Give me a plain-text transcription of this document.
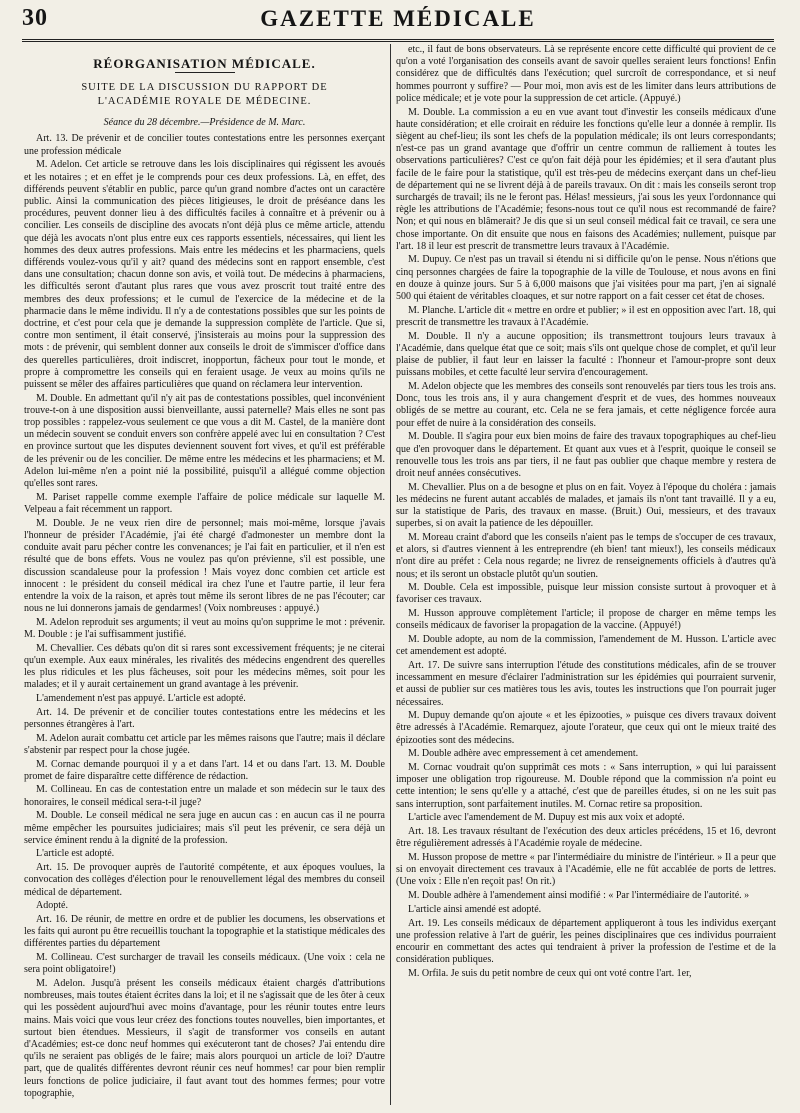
30	GAZETTE MÉDICALE
RÉORGANISATION MÉDICALE.
SUITE DE LA DISCUSSION DU RAPPORT DE L'ACADÉMIE ROYALE DE MÉDECINE.
Séance du 28 décembre.—Présidence de M. Marc.

Art. 13. De prévenir et de concilier toutes contestations entre les personnes exerçant une profession médicale

M. Adelon. Cet article se retrouve dans les lois disciplinaires qui régissent les avoués et les notaires ; et en effet je le comprends pour ces deux professions. Là, en effet, des différends peuvent s'établir en public, parce qu'un grand nombre d'actes ont un caractère public. Ainsi la communication des pièces litigieuses, le droit de préséance dans les procédures, peuvent donner lieu à des difficultés faciles à connaître et à prévenir ou à concilier. Les conseils de discipline des avocats n'ont déjà plus ce même article, attendu que déjà les avocats n'ont plus entre eux ces rapports essentiels, nécessaires, qui lient les hommes des deux autres professions. Mais entre les médecins et les pharmaciens, quels différends voulez-vous qu'il y ait? quand des médecins sont en rapport ensemble, c'est dans une consultation; chacun donne son avis, et voilà tout. De médecins à pharmaciens, les difficultés seront d'autant plus rares que vous avez proscrit tout traité entre des membres des deux professions; et le cumul de l'exercice de la médecine et de la pharmacie dans le même individu. Il n'y a de contestations possibles que sur les points de doctrine, et c'est pour cela que je demande la suppression complète de l'article. Que si, contre mon sentiment, il était conservé, j'insisterais au moins pour la suppression des mots : de prévenir, qui semblent donner aux conseils le droit de s'immiscer d'office dans des querelles particulières, droit indiscret, inopportun, fâcheux pour tout le monde, et propre à compromettre les conseils qui en feraient usage. Je veux au moins qu'ils ne puissent se mêler des affaires particulières que quand on réclamera leur intervention.

M. Double. En admettant qu'il n'y ait pas de contestations possibles, quel inconvénient trouve-t-on à une disposition aussi bienveillante, aussi paternelle? Mais elles ne sont pas trop possibles : rappelez-vous seulement ce que vous a dit M. Castel, de la manière dont un médecin souvent se conduit envers son confrère appelé avec lui en consultation ? C'est en province surtout que les disputes deviennent souvent fort vives, et qu'il est préférable de les prévenir ou de les concilier. De même entre les médecins et les pharmaciens; et M. Adelon lui-même n'en a point nié la possibilité, puisqu'il a allégué comme objection qu'elles sont rares.

M. Pariset rappelle comme exemple l'affaire de police médicale sur laquelle M. Velpeau a fait récemment un rapport.

M. Double. Je ne veux rien dire de personnel; mais moi-même, lorsque j'avais l'honneur de présider l'Académie, j'ai été chargé d'admonester un membre dont la conduite avait paru pécher contre les convenances; je l'ai fait en particulier, et il n'en est résulté que de bons effets. Vous ne voulez pas qu'on prévienne, s'il est possible, une discussion scandaleuse pour la profession ! Mais voyez donc combien cet article est innocent : le président du conseil médical ira chez l'une et l'autre partie, il leur fera entendre la voix de la raison, et après tout même ils seront libres de ne pas l'écouter; car nous ne lui donnerons jamais de gendarmes! (Voix nombreuses : appuyé.)

M. Adelon reproduit ses arguments; il veut au moins qu'on supprime le mot : prévenir. M. Double : je l'ai suffisamment justifié.

M. Chevallier. Ces débats qu'on dit si rares sont excessivement fréquents; je ne citerai qu'un exemple. Aux eaux minérales, les rivalités des médecins engendrent des querelles les plus ridicules et les plus fâcheuses, soit pour les médecins mêmes, soit pour les malades; et il y aurait certainement un grand avantage à les prévenir.

L'amendement n'est pas appuyé. L'article est adopté.

Art. 14. De prévenir et de concilier toutes contestations entre les médecins et les personnes étrangères à l'art.

M. Adelon aurait combattu cet article par les mêmes raisons que l'autre; mais il déclare s'abstenir par respect pour la chose jugée.

M. Cornac demande pourquoi il y a et dans l'art. 14 et ou dans l'art. 13. M. Double promet de faire disparaître cette différence de rédaction.

M. Collineau. En cas de contestation entre un malade et son médecin sur le taux des honoraires, le conseil médical sera-t-il juge?

M. Double. Le conseil médical ne sera juge en aucun cas : en aucun cas il ne pourra même empêcher les poursuites judiciaires; mais s'il peut les prévenir, ce sera déjà un service éminent rendu à la dignité de la profession.

L'article est adopté.

Art. 15. De provoquer auprès de l'autorité compétente, et aux époques voulues, la convocation des collèges d'élection pour le renouvellement légal des membres du conseil médical de département.

Adopté.

Art. 16. De réunir, de mettre en ordre et de publier les documens, les observations et les faits qui auront pu être recueillis touchant la topographie et la statistique médicales des différentes parties du département

M. Collineau. C'est surcharger de travail les conseils médicaux. (Une voix : cela ne sera point obligatoire!)

M. Adelon. Jusqu'à présent les conseils médicaux étaient chargés d'attributions nombreuses, mais toutes étaient écrites dans la loi; et il ne s'agissait que de les ôter à ceux qui les possèdent aujourd'hui avec moins d'avantage, pour les réunir toutes entre leurs mains. Mais voici que vous leur créez des fonctions toutes nouvelles, bien importantes, et surtout bien étendues. Messieurs, il s'agit de transformer vos conseils en autant d'Académies; est-ce donc neuf hommes qui exécuteront tant de choses? J'ai entendu dire qu'ils ne seraient pas obligés de le faire; mais alors pourquoi un article de loi? D'autre part, que de qualités différentes devront réunir ces neuf hommes! car pour bien remplir leurs fonctions de police judiciaire, il faut avant tout des hommes fermes; pour votre topographie,

etc., il faut de bons observateurs. Là se représente encore cette difficulté qui provient de ce qu'on a voté l'organisation des conseils avant de savoir quelles seraient leurs fonctions! Enfin considérez que de difficultés dans l'exécution; quel surcroît de correspondance, et si neuf hommes pourront y suffire? — Pour moi, mon avis est de les limiter dans leurs attributions de police médicale; et je vote pour la suppression de cet article. (Appuyé.)

M. Double. La commission a eu en vue avant tout d'investir les conseils médicaux d'une haute considération; et elle croirait en réduire les fonctions qu'elle leur a donnée à remplir. Ils siègent au chef-lieu; ils sont les chefs de la population médicale; ils ont leurs correspondants; n'est-ce pas un grand avantage que d'offrir un centre commun de ralliement à toutes les observations particulières? C'est ce qu'on fait déjà pour les épidémies; et il sera d'autant plus facile de le faire pour la statistique, qu'il est très-peu de médecins exerçant dans un chef-lieu de département qui ne se livrent déjà à de pareils travaux. On dit : mais les conseils seront trop surchargés de travail; ils ne le feront pas. Hélas! messieurs, j'ai sous les yeux l'ordonnance qui règle les attributions de l'Académie; fesons-nous tout ce qu'il nous est recommandé de faire? Non; et qui nous en blâmerait? Je dis que si un seul conseil médical fait ce travail, ce sera une chose importante. On dit ensuite que nous en faisons des Académies; nullement, puisque par l'art. 18 il leur est prescrit de transmettre leurs travaux à l'Académie.

M. Dupuy. Ce n'est pas un travail si étendu ni si difficile qu'on le pense. Nous n'étions que cinq personnes chargées de faire la topographie de la ville de Toulouse, et nous avons en fini en douze à quinze jours. Sur 5 à 6,000 maisons que j'ai visitées pour ma part, j'en ai signalé 500 qui étaient de véritables cloaques, et sur notre rapport on a fait cesser cet état de choses.

M. Planche. L'article dit « mettre en ordre et publier; » il est en opposition avec l'art. 18, qui prescrit de transmettre les travaux à l'Académie.

M. Double. Il n'y a aucune opposition; ils transmettront toujours leurs travaux à l'Académie, dans quelque état que ce soit; mais s'ils ont quelque chose de complet, et qu'il leur plaise de publier, il faut leur en laisser la faculté : l'honneur et l'amour-propre sont deux puissans mobiles, et cette faculté leur servira d'encouragement.

M. Adelon objecte que les membres des conseils sont renouvelés par tiers tous les trois ans. Donc, tous les trois ans, il y aura changement d'esprit et de vues, des hommes nouveaux obligés de se mettre au courant, etc. Cela ne se fera jamais, et cette négligence forcée aura pour effet de nuire à la considération des conseils.

M. Double. Il s'agira pour eux bien moins de faire des travaux topographiques au chef-lieu que d'en provoquer dans le département. Et quant aux vues et à l'esprit, quoique le conseil se renouvelle tous les trois ans par tiers, il ne faut pas oublier que chaque membre y restera de droit neuf années consécutives.

M. Chevallier. Plus on a de besogne et plus on en fait. Voyez à l'époque du choléra : jamais les médecins ne furent autant accablés de malades, et jamais ils n'ont tant travaillé. Il y a eu, sur la statistique de Paris, des travaux en masse. (Bruit.) Oui, messieurs, et des travaux superbes, si on avait la patience de les dépouiller.

M. Moreau craint d'abord que les conseils n'aient pas le temps de s'occuper de ces travaux, et alors, si d'autres viennent à les entreprendre (eh bien! tant mieux!), les conseils médicaux n'ont dire au préfet : Cela nous regarde; ne livrez de renseignements officiels à d'autres qu'à nous; et ils seront un obstacle plutôt qu'un soutien.

M. Double. Cela est impossible, puisque leur mission consiste surtout à provoquer et à favoriser ces travaux.

M. Husson approuve complètement l'article; il propose de charger en même temps les conseils médicaux de favoriser la propagation de la vaccine. (Appuyé!)

M. Double adopte, au nom de la commission, l'amendement de M. Husson. L'article avec cet amendement est adopté.

Art. 17. De suivre sans interruption l'étude des constitutions médicales, afin de se trouver incessamment en mesure d'éclairer l'administration sur les épidémies qui pourraient survenir, et aussi de publier sur ces matières tous les avis, toutes les instructions que l'on pourrait juger nécessaires.

M. Dupuy demande qu'on ajoute « et les épizooties, » puisque ces divers travaux doivent être adressés à l'Académie. Remarquez, ajoute l'orateur, que ceux qui ont le mieux traité des épizooties sont des médecins.

M. Double adhère avec empressement à cet amendement.

M. Cornac voudrait qu'on supprimât ces mots : « Sans interruption, » qui lui paraissent imposer une obligation trop rigoureuse. M. Double répond que la commission n'a point eu cette intention; le sens qu'elle y a attaché, c'est que de pareilles études, si on ne les suit pas sans interruption, sont parfaitement inutiles. M. Cornac retire sa proposition.

L'article avec l'amendement de M. Dupuy est mis aux voix et adopté.

Art. 18. Les travaux résultant de l'exécution des deux articles précédens, 15 et 16, devront être régulièrement adressés à l'Académie royale de médecine.

M. Husson propose de mettre « par l'intermédiaire du ministre de l'intérieur. » Il a peur que si on envoyait directement ces travaux à l'Académie, elle ne fût accablée de ports de lettres. (Une voix : Elle n'en reçoit pas! On rit.)

M. Double adhère à l'amendement ainsi modifié : « Par l'intermédiaire de l'autorité. »

L'article ainsi amendé est adopté.

Art. 19. Les conseils médicaux de département appliqueront à tous les individus exerçant une profession relative à l'art de guérir, les peines disciplinaires que ces individus pourraient encourir en commettant des actes qui tendraient à priver la profession de l'estime et de la considération publiques.

M. Orfila. Je suis du petit nombre de ceux qui ont voté contre l'art. 1er,
